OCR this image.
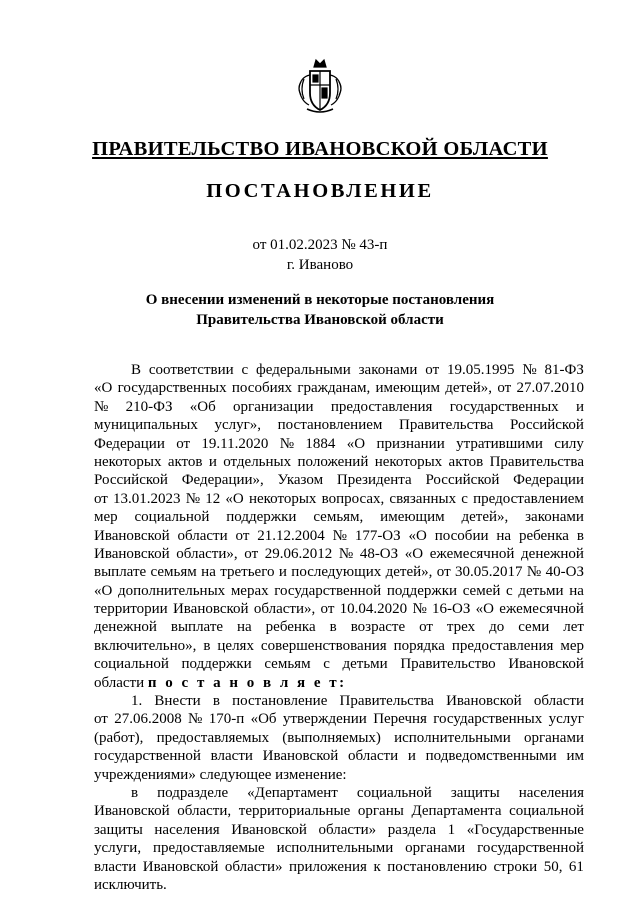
ПРАВИТЕЛЬСТВО ИВАНОВСКОЙ ОБЛАСТИ
ПОСТАНОВЛЕНИЕ
от 01.02.2023 № 43-п
г. Иваново
О внесении изменений в некоторые постановления
Правительства Ивановской области
В соответствии с федеральными законами от 19.05.1995 № 81-ФЗ
«О государственных пособиях гражданам, имеющим детей», от 27.07.2010
№ 210-ФЗ «Об организации предоставления государственных и
муниципальных услуг», постановлением Правительства Российской
Федерации от 19.11.2020 № 1884 «О признании утратившими силу
некоторых актов и отдельных положений некоторых актов Правительства
Российской Федерации», Указом Президента Российской Федерации
от 13.01.2023 № 12 «О некоторых вопросах, связанных с предоставлением
мер социальной поддержки семьям, имеющим детей», законами
Ивановской области от 21.12.2004 № 177-ОЗ «О пособии на ребенка в
Ивановской области», от 29.06.2012 № 48-ОЗ «О ежемесячной денежной
выплате семьям на третьего и последующих детей», от 30.05.2017 № 40-ОЗ
«О дополнительных мерах государственной поддержки семей с детьми на
территории Ивановской области», от 10.04.2020 № 16-ОЗ «О ежемесячной
денежной выплате на ребенка в возрасте от трех до семи лет
включительно», в целях совершенствования порядка предоставления мер
социальной поддержки семьям с детьми Правительство Ивановской
области п о с т а н о в л я е т:
1. Внести в постановление Правительства Ивановской области
от 27.06.2008 № 170-п «Об утверждении Перечня государственных услуг
(работ), предоставляемых (выполняемых) исполнительными органами
государственной власти Ивановской области и подведомственными им
учреждениями» следующее изменение:
в подразделе «Департамент социальной защиты населения
Ивановской области, территориальные органы Департамента социальной
защиты населения Ивановской области» раздела 1 «Государственные
услуги, предоставляемые исполнительными органами государственной
власти Ивановской области» приложения к постановлению строки 50, 61
исключить.
